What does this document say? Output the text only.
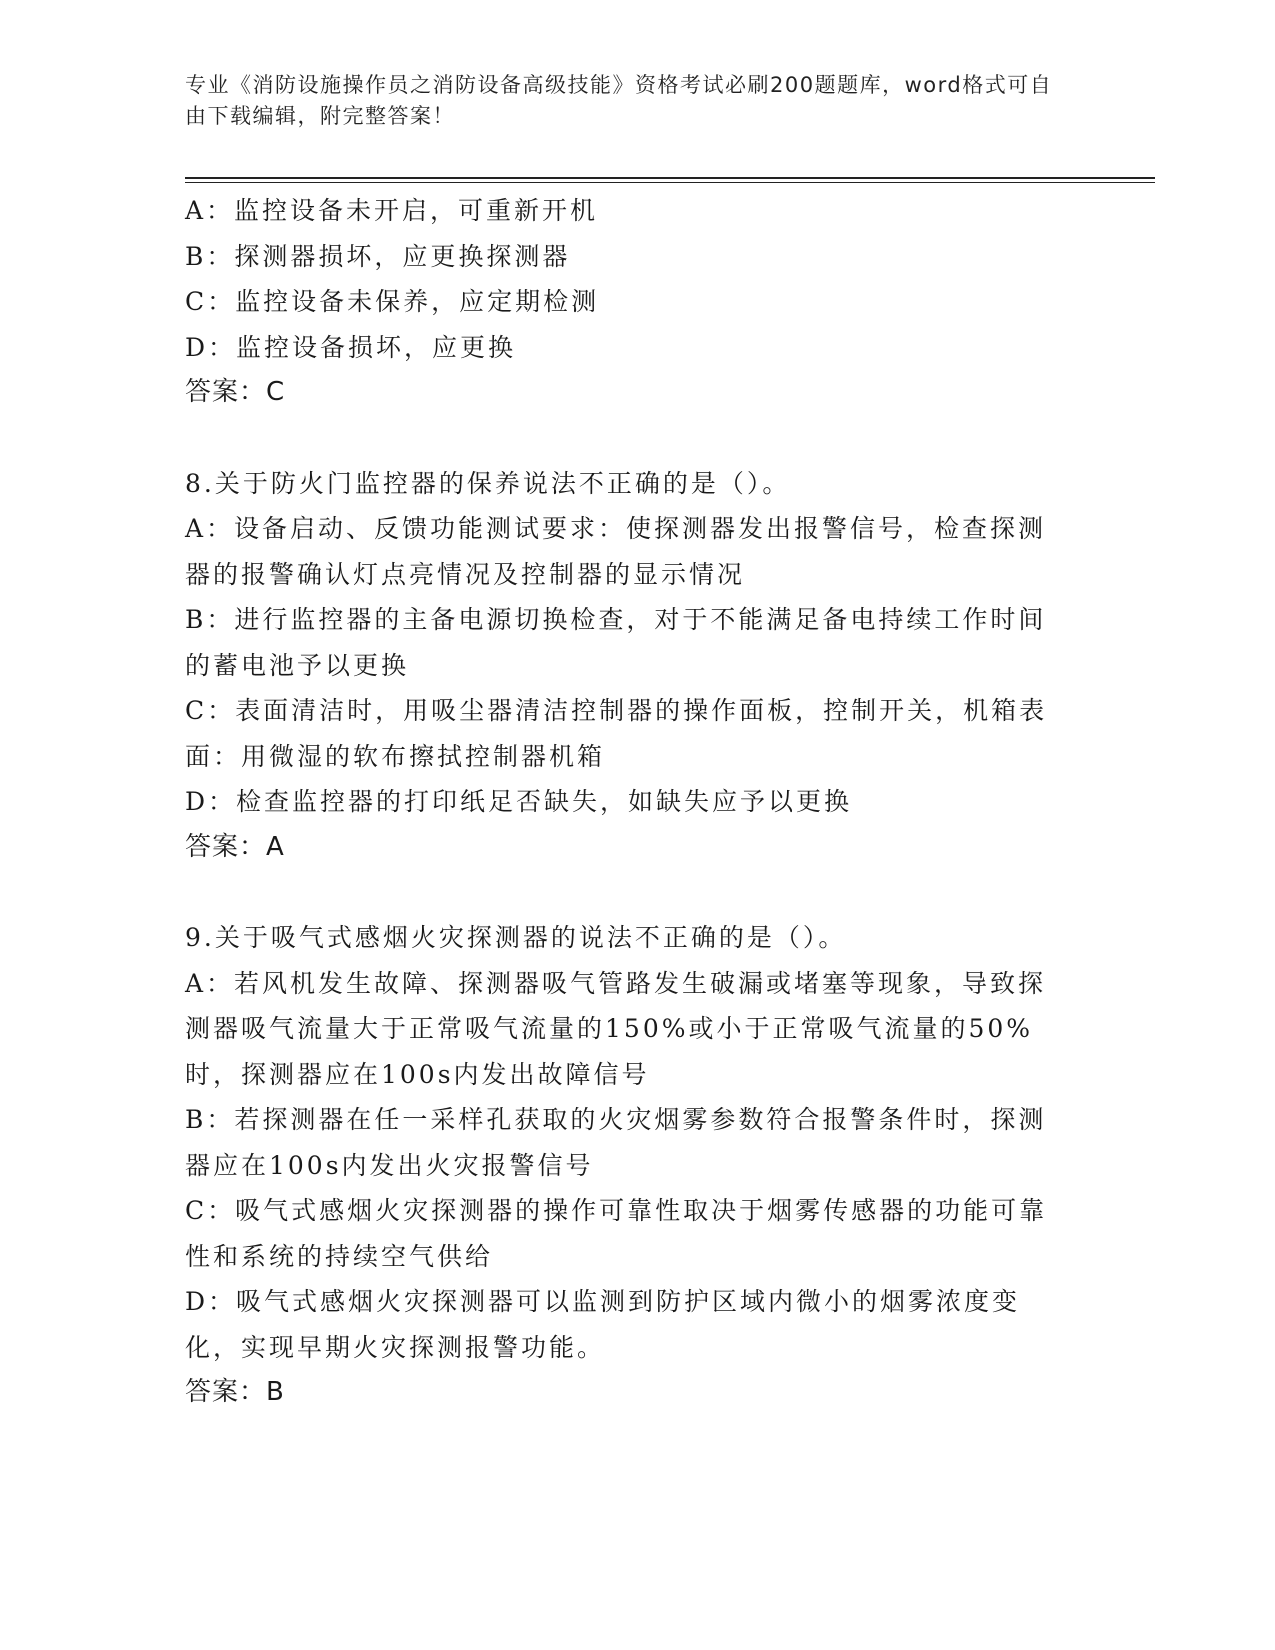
专业《消防设施操作员之消防设备高级技能》资格考试必刷200题题库，word格式可自由下载编辑，附完整答案！
A：监控设备未开启，可重新开机
B：探测器损坏，应更换探测器
C：监控设备未保养，应定期检测
D：监控设备损坏，应更换
答案：C
8.关于防火门监控器的保养说法不正确的是（）。
A：设备启动、反馈功能测试要求：使探测器发出报警信号，检查探测器的报警确认灯点亮情况及控制器的显示情况
B：进行监控器的主备电源切换检查，对于不能满足备电持续工作时间的蓄电池予以更换
C：表面清洁时，用吸尘器清洁控制器的操作面板，控制开关，机箱表面：用微湿的软布擦拭控制器机箱
D：检查监控器的打印纸足否缺失，如缺失应予以更换
答案：A
9.关于吸气式感烟火灾探测器的说法不正确的是（）。
A：若风机发生故障、探测器吸气管路发生破漏或堵塞等现象，导致探测器吸气流量大于正常吸气流量的150%或小于正常吸气流量的50%时，探测器应在100s内发出故障信号
B：若探测器在任一采样孔获取的火灾烟雾参数符合报警条件时，探测器应在100s内发出火灾报警信号
C：吸气式感烟火灾探测器的操作可靠性取决于烟雾传感器的功能可靠性和系统的持续空气供给
D：吸气式感烟火灾探测器可以监测到防护区域内微小的烟雾浓度变化，实现早期火灾探测报警功能。
答案：B
